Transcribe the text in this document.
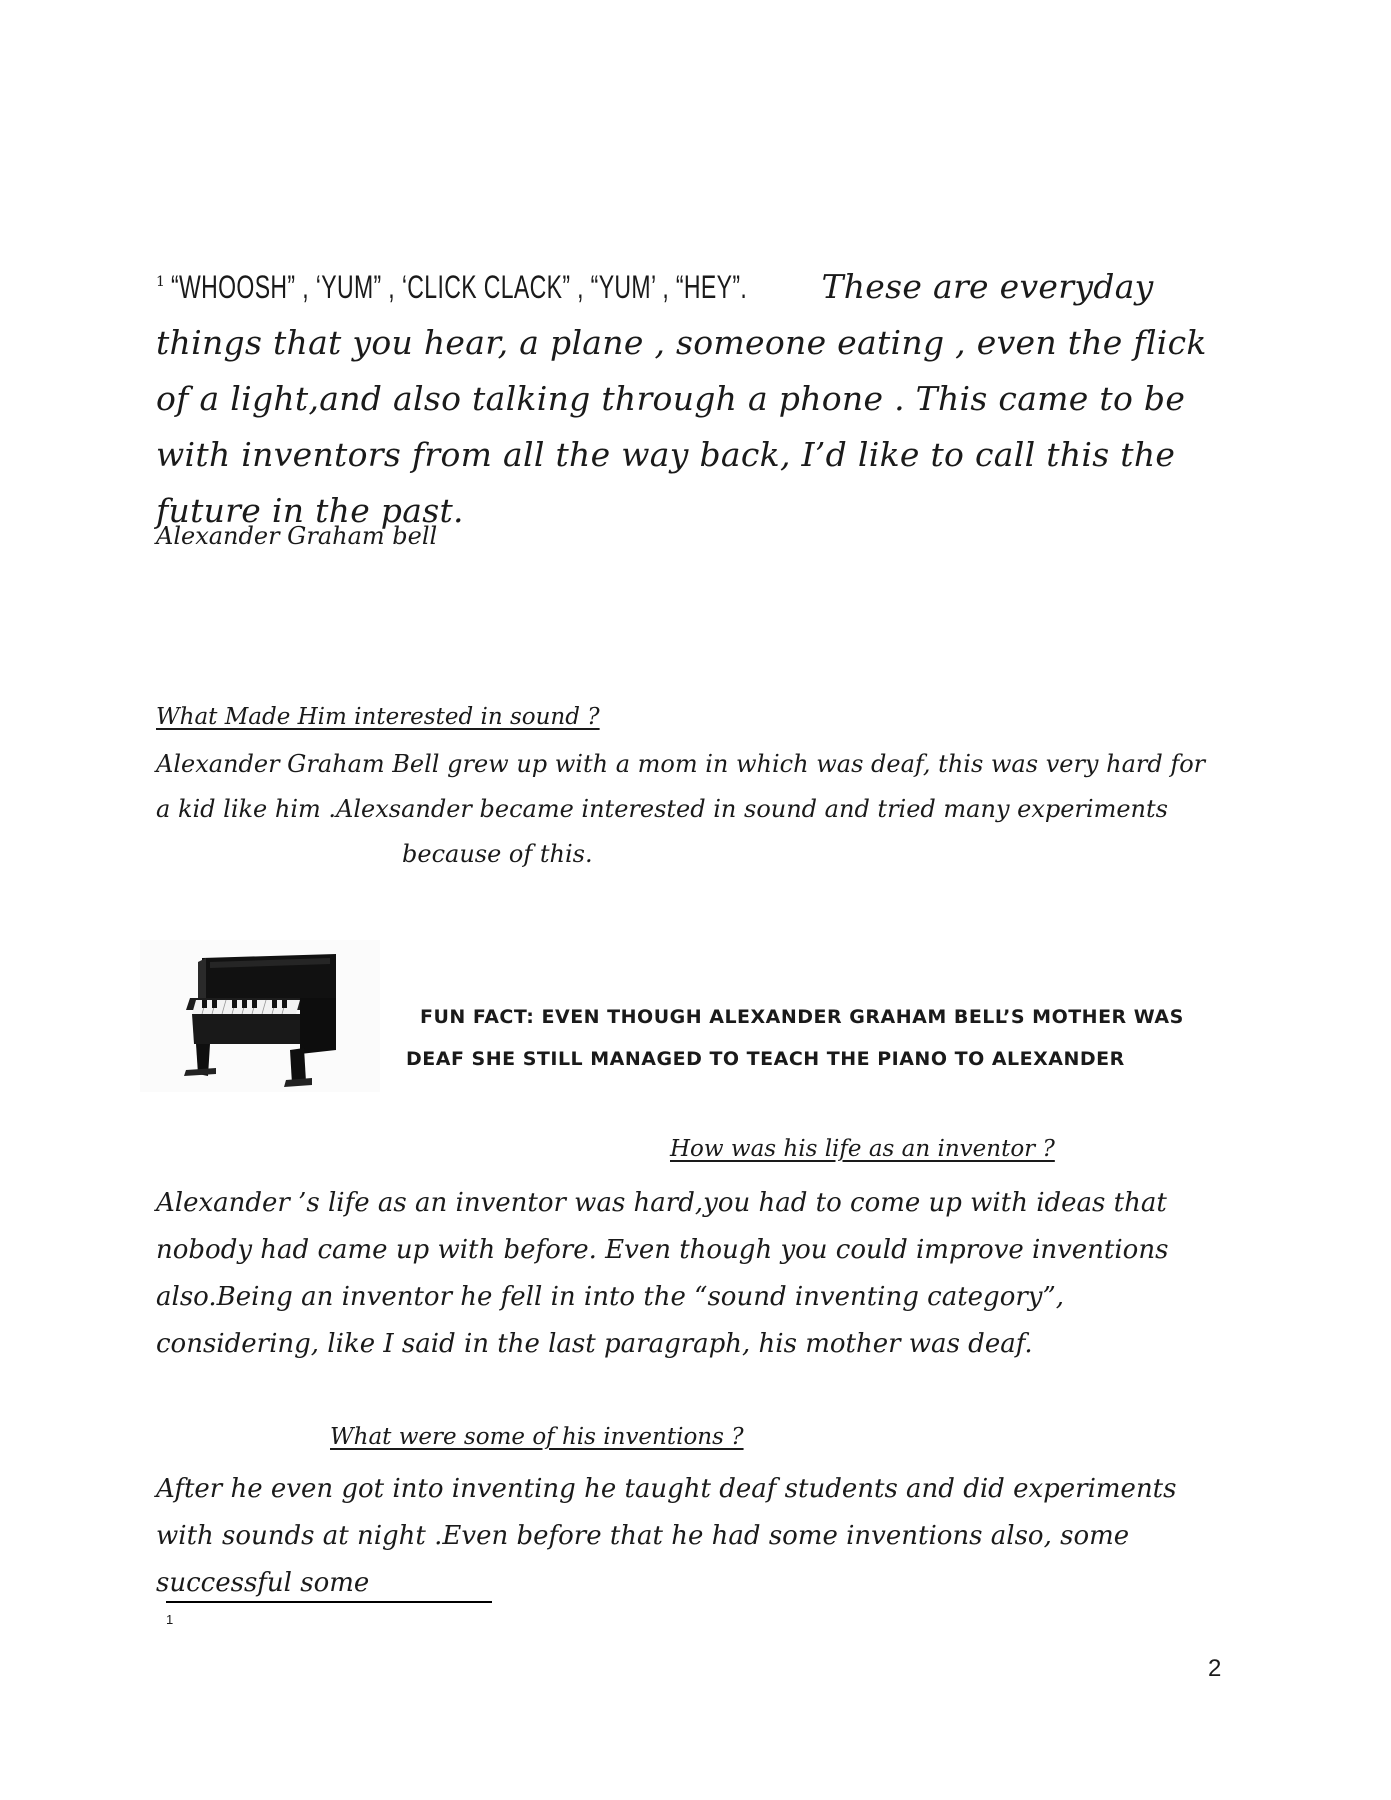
$^1$ “WHOOSH” , ‘YUM” , ‘CLICK CLACK” , “YUM’ , “HEY”. These are everyday things that you hear, a plane , someone eating , even the flick of a light,and also talking through a phone . This came to be with inventors from all the way back, I’d like to call this the future in the past.
Alexander Graham bell
What Made Him interested in sound ?
Alexander Graham Bell grew up with a mom in which was deaf, this was very hard for a kid like him .Alexsander became interested in sound and tried many experiments
because of this.
FUN FACT: EVEN THOUGH ALEXANDER GRAHAM BELL’S MOTHER WAS
DEAF SHE STILL MANAGED TO TEACH THE PIANO TO ALEXANDER
How was his life as an inventor ?
Alexander ’s life as an inventor was hard,you had to come up with ideas that nobody had came up with before. Even though you could improve inventions also.Being an inventor he fell in into the “sound inventing category”, considering, like I said in the last paragraph, his mother was deaf.
What were some of his inventions ?
After he even got into inventing he taught deaf students and did experiments with sounds at night .Even before that he had some inventions also, some successful some
1
2
